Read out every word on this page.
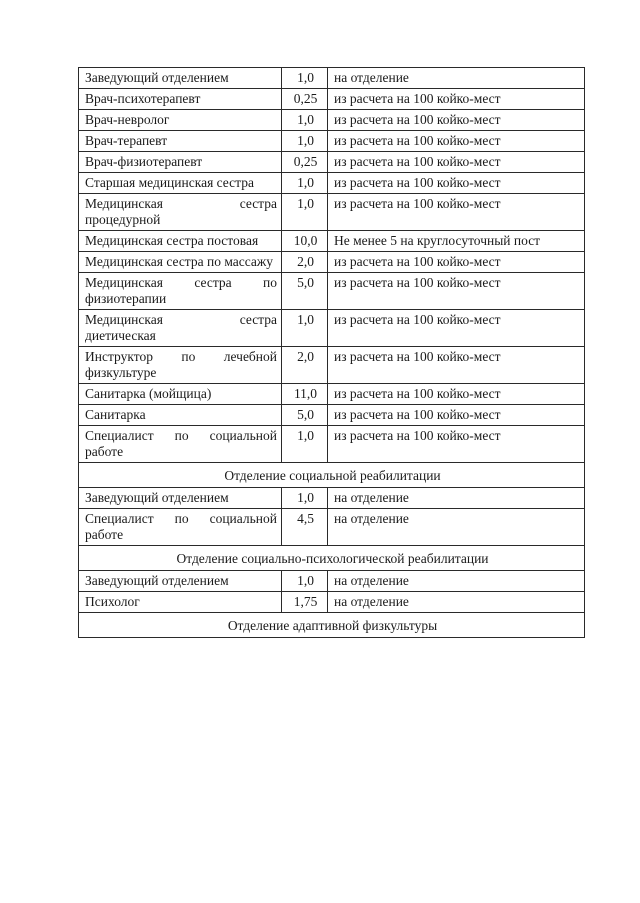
Заведующий отделением	1,0	на отделение
Врач-психотерапевт	0,25	из расчета на 100 койко-мест
Врач-невролог	1,0	из расчета на 100 койко-мест
Врач-терапевт	1,0	из расчета на 100 койко-мест
Врач-физиотерапевт	0,25	из расчета на 100 койко-мест
Старшая медицинская сестра	1,0	из расчета на 100 койко-мест
Медицинская сестра процедурной	1,0	из расчета на 100 койко-мест
Медицинская сестра постовая	10,0	Не менее 5 на круглосуточный пост
Медицинская сестра по массажу	2,0	из расчета на 100 койко-мест
Медицинская сестра по физиотерапии	5,0	из расчета на 100 койко-мест
Медицинская сестра диетическая	1,0	из расчета на 100 койко-мест
Инструктор по лечебной физкультуре	2,0	из расчета на 100 койко-мест
Санитарка (мойщица)	11,0	из расчета на 100 койко-мест
Санитарка	5,0	из расчета на 100 койко-мест
Специалист по социальной работе	1,0	из расчета на 100 койко-мест
Отделение социальной реабилитации		
Заведующий отделением	1,0	на отделение
Специалист по социальной работе	4,5	на отделение
Отделение социально-психологической реабилитации		
Заведующий отделением	1,0	на отделение
Психолог	1,75	на отделение
Отделение адаптивной физкультуры		
